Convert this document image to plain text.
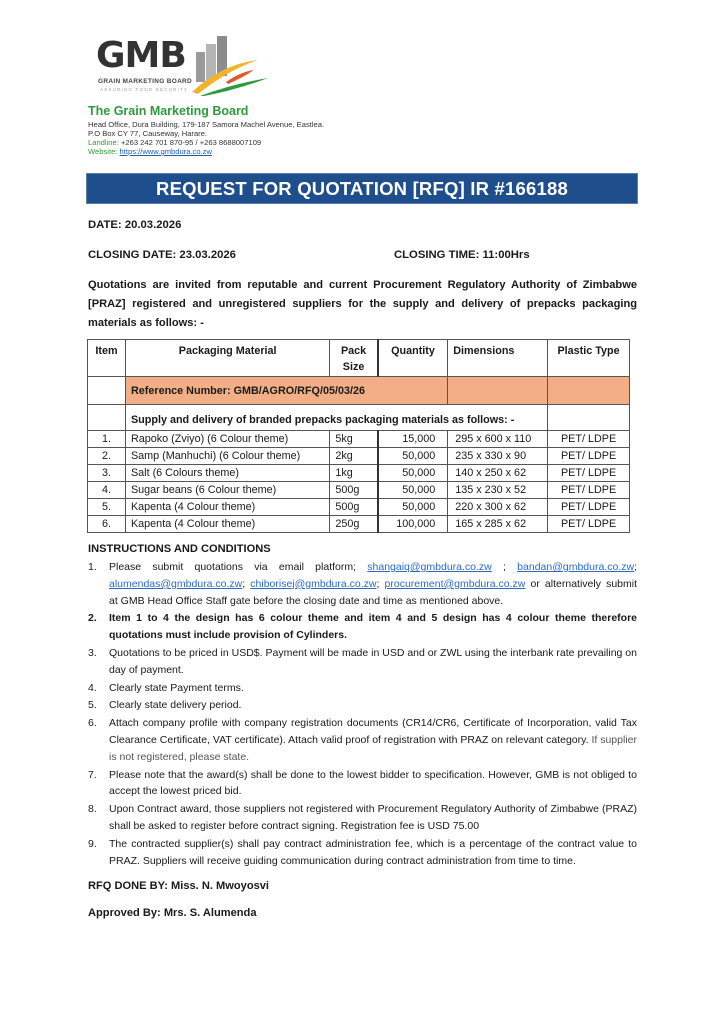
GMB
GRAIN MARKETING BOARD
ASSURING FOOD SECURITY
The Grain Marketing Board
Head Office, Dura Building, 179-187 Samora Machel Avenue, Eastlea.
P.O Box CY 77, Causeway, Harare.
Landline: +263 242 701 870-95 / +263 8688007109
Website: https://www.gmbdura.co.zw
REQUEST FOR QUOTATION [RFQ] IR #166188
DATE: 20.03.2026
CLOSING DATE: 23.03.2026	CLOSING TIME: 11:00Hrs
Quotations are invited from reputable and current Procurement Regulatory Authority of Zimbabwe [PRAZ] registered and unregistered suppliers for the supply and delivery of prepacks packaging materials as follows: -
Item	Packaging Material	Pack Size	Quantity	Dimensions	Plastic Type
	Reference Number: GMB/AGRO/RFQ/05/03/26				
	Supply and delivery of branded prepacks packaging materials as follows: -				
1.	Rapoko (Zviyo) (6 Colour theme)	5kg	15,000	295 x 600 x 110	PET/ LDPE
2.	Samp (Manhuchi) (6 Colour theme)	2kg	50,000	235 x 330 x 90	PET/ LDPE
3.	Salt (6 Colours theme)	1kg	50,000	140 x 250 x 62	PET/ LDPE
4.	Sugar beans (6 Colour theme)	500g	50,000	135 x 230 x 52	PET/ LDPE
5.	Kapenta (4 Colour theme)	500g	50,000	220 x 300 x 62	PET/ LDPE
6.	Kapenta (4 Colour theme)	250g	100,000	165 x 285 x 62	PET/ LDPE
INSTRUCTIONS AND CONDITIONS
1. Please submit quotations via email platform; shangaiq@gmbdura.co.zw ; bandan@gmbdura.co.zw; alumendas@gmbdura.co.zw; chiborisej@gmbdura.co.zw; procurement@gmbdura.co.zw or alternatively submit at GMB Head Office Staff gate before the closing date and time as mentioned above.
2. Item 1 to 4 the design has 6 colour theme and item 4 and 5 design has 4 colour theme therefore quotations must include provision of Cylinders.
3. Quotations to be priced in USD$. Payment will be made in USD and or ZWL using the interbank rate prevailing on day of payment.
4. Clearly state Payment terms.
5. Clearly state delivery period.
6. Attach company profile with company registration documents (CR14/CR6, Certificate of Incorporation, valid Tax Clearance Certificate, VAT certificate). Attach valid proof of registration with PRAZ on relevant category. If supplier is not registered, please state.
7. Please note that the award(s) shall be done to the lowest bidder to specification. However, GMB is not obliged to accept the lowest priced bid.
8. Upon Contract award, those suppliers not registered with Procurement Regulatory Authority of Zimbabwe (PRAZ) shall be asked to register before contract signing. Registration fee is USD 75.00
9. The contracted supplier(s) shall pay contract administration fee, which is a percentage of the contract value to PRAZ. Suppliers will receive guiding communication during contract administration from time to time.
RFQ DONE BY: Miss. N. Mwoyosvi
Approved By: Mrs. S. Alumenda
